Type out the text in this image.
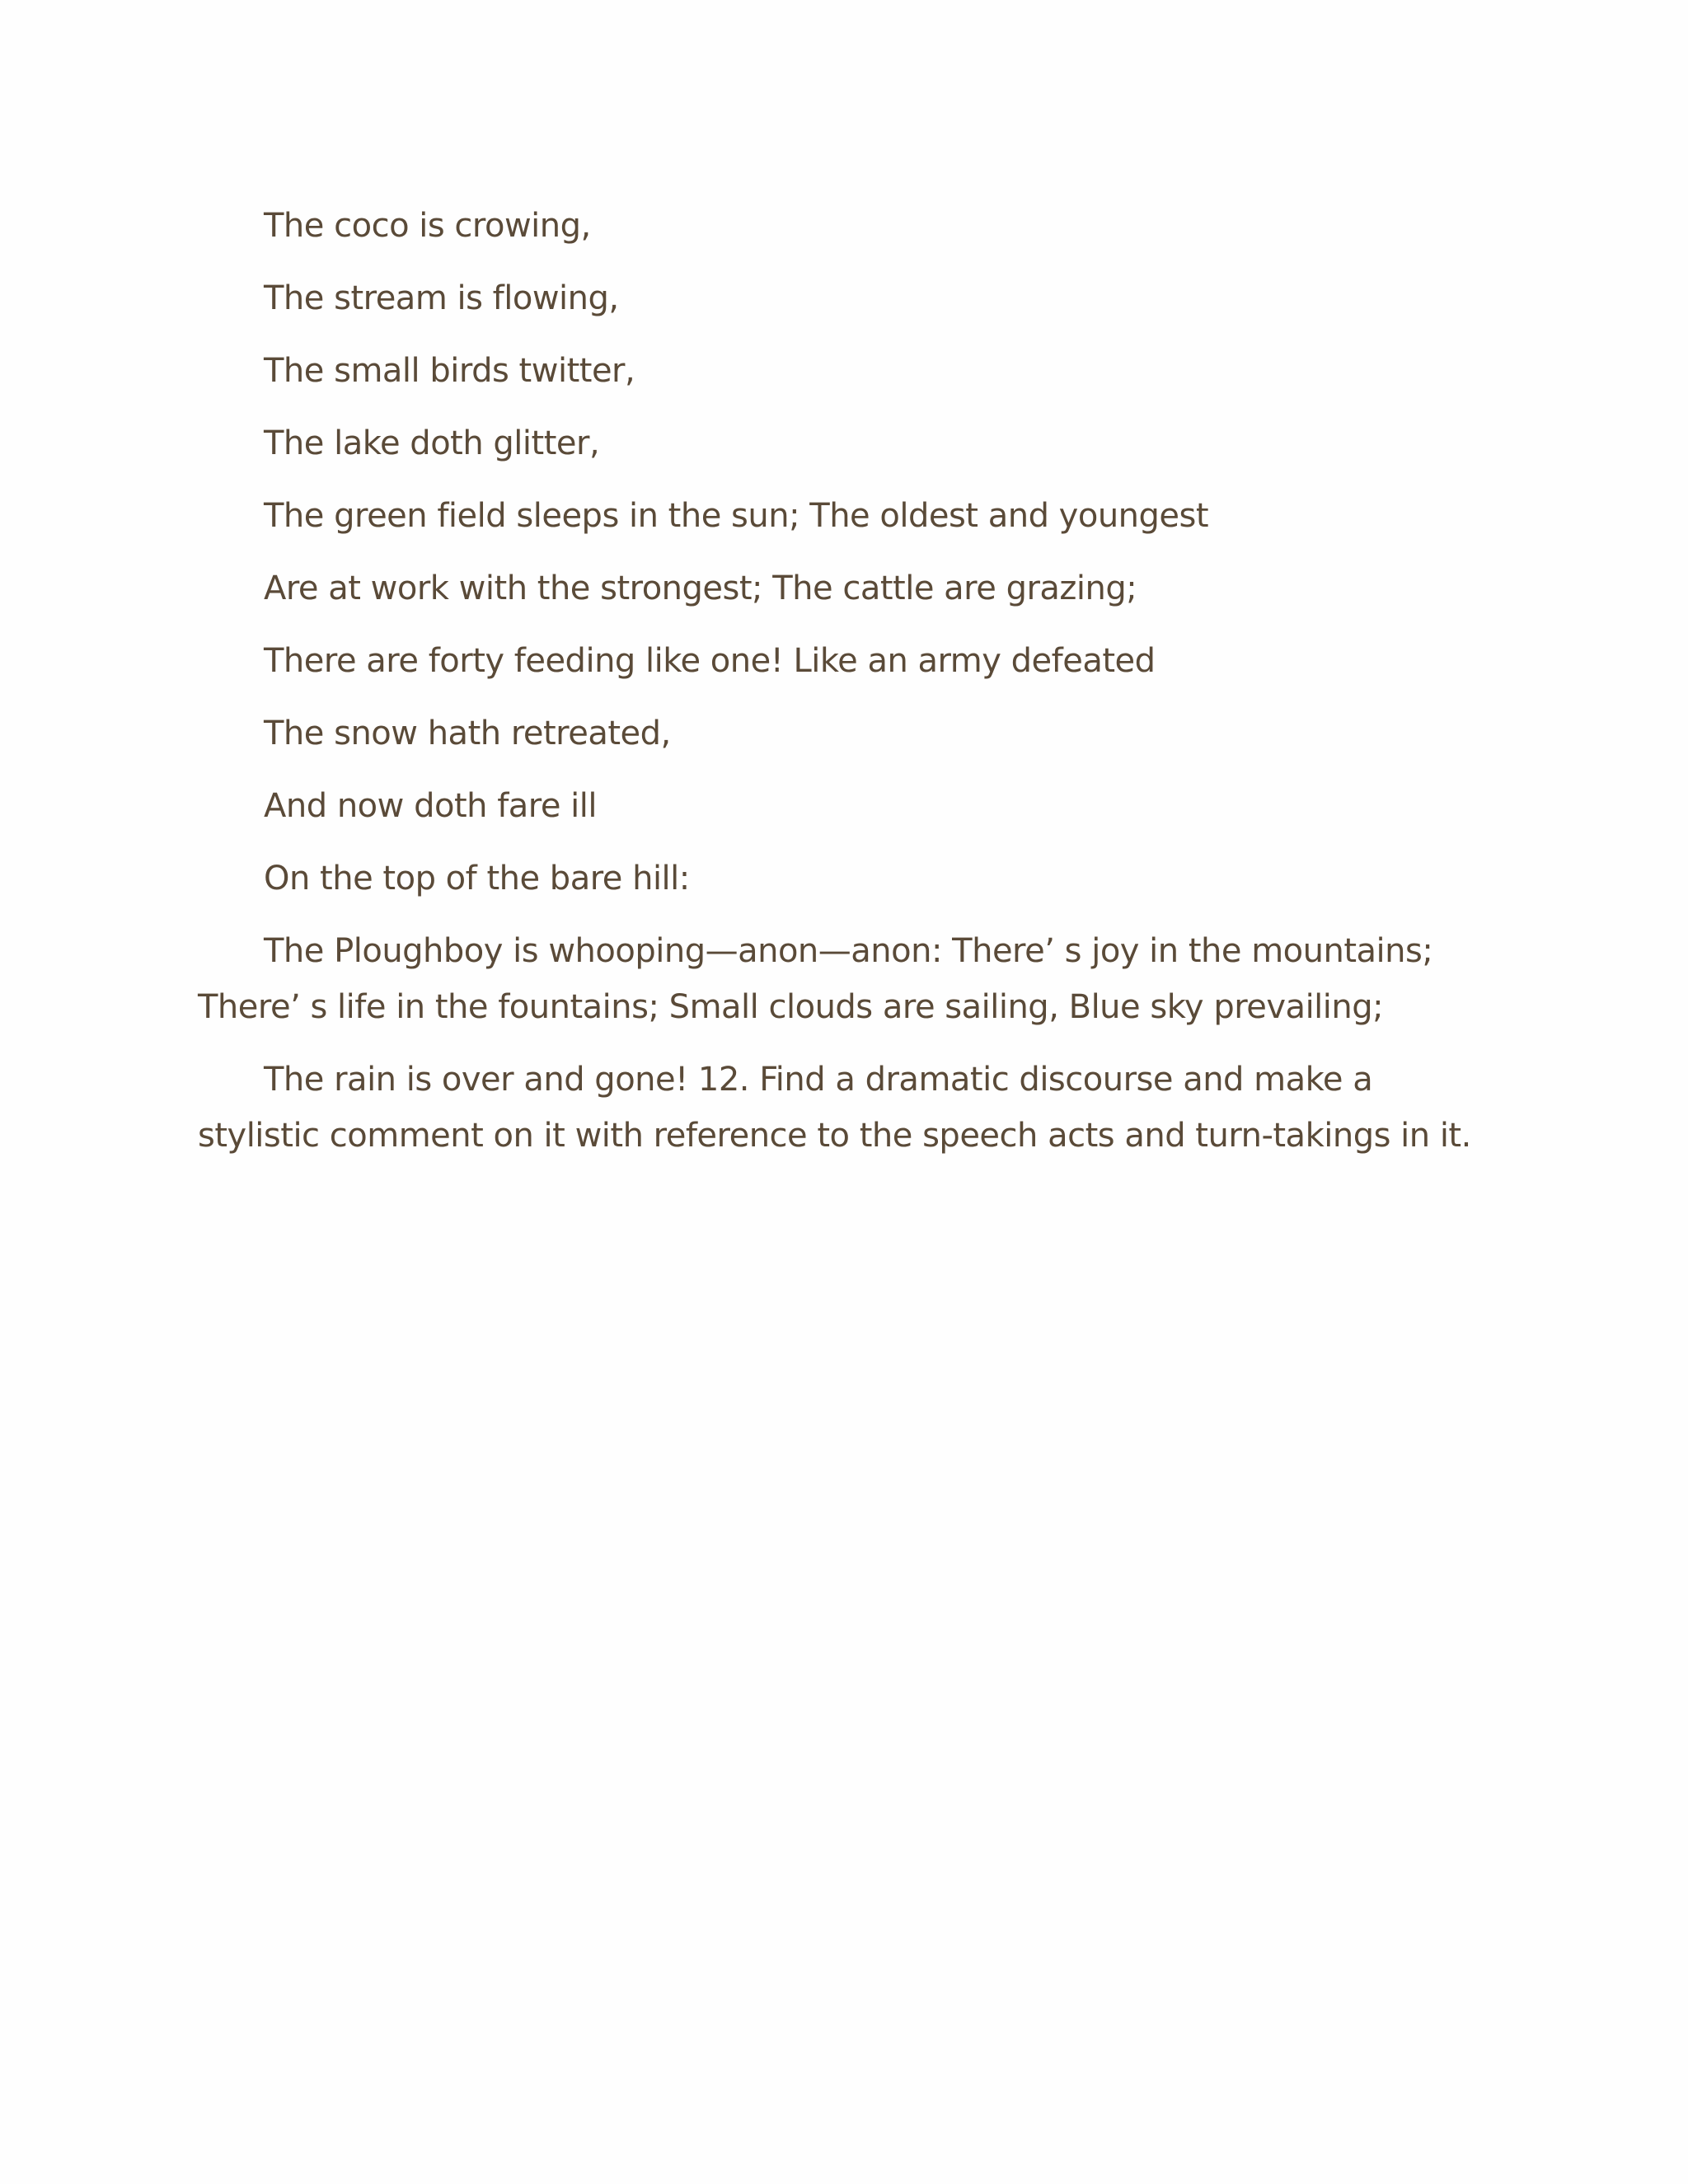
The coco is crowing,

The stream is flowing,

The small birds twitter,

The lake doth glitter,

The green field sleeps in the sun; The oldest and youngest

Are at work with the strongest; The cattle are grazing;

There are forty feeding like one! Like an army defeated

The snow hath retreated,

And now doth fare ill

On the top of the bare hill:

The Ploughboy is whooping—anon—anon: There’ s joy in the mountains; There’ s life in the fountains; Small clouds are sailing, Blue sky prevailing;

The rain is over and gone! 12. Find a dramatic discourse and make a stylistic comment on it with reference to the speech acts and turn-takings in it.
